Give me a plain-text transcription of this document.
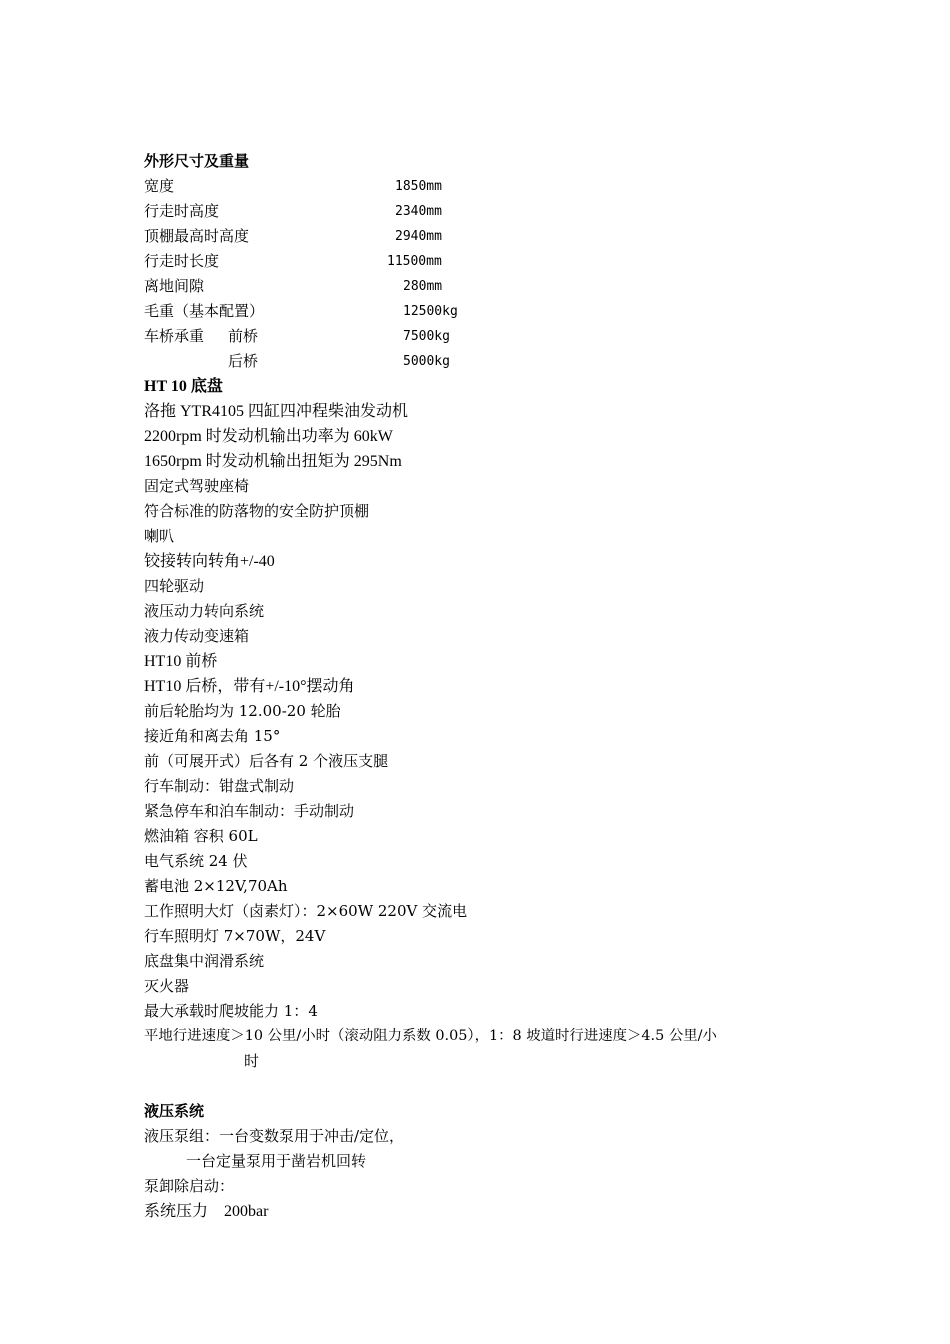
外形尺寸及重量
宽度	1850mm
行走时高度	2340mm
顶棚最高时高度	2940mm
行走时长度	11500mm
离地间隙	280mm
毛重（基本配置）	12500kg
车桥承重 前桥	7500kg
后桥	5000kg
HT 10 底盘
洛拖 YTR4105 四缸四冲程柴油发动机
2200rpm 时发动机输出功率为 60kW
1650rpm 时发动机输出扭矩为 295Nm
固定式驾驶座椅
符合标准的防落物的安全防护顶棚
喇叭
铰接转向转角+/-40
四轮驱动
液压动力转向系统
液力传动变速箱
HT10 前桥
HT10 后桥，带有+/-10°摆动角
前后轮胎均为 12.00-20 轮胎
接近角和离去角 15°
前（可展开式）后各有 2 个液压支腿
行车制动：钳盘式制动
紧急停车和泊车制动：手动制动
燃油箱 容积 60L
电气系统 24 伏
蓄电池 2×12V,70Ah
工作照明大灯（卤素灯）：2×60W 220V 交流电
行车照明灯 7×70W，24V
底盘集中润滑系统
灭火器
最大承载时爬坡能力 1：4
平地行进速度＞10 公里/小时（滚动阻力系数 0.05），1：8 坡道时行进速度＞4.5 公里/小
时
液压系统
液压泵组：一台变数泵用于冲击/定位，
一台定量泵用于凿岩机回转
泵卸除启动：
系统压力　200bar
